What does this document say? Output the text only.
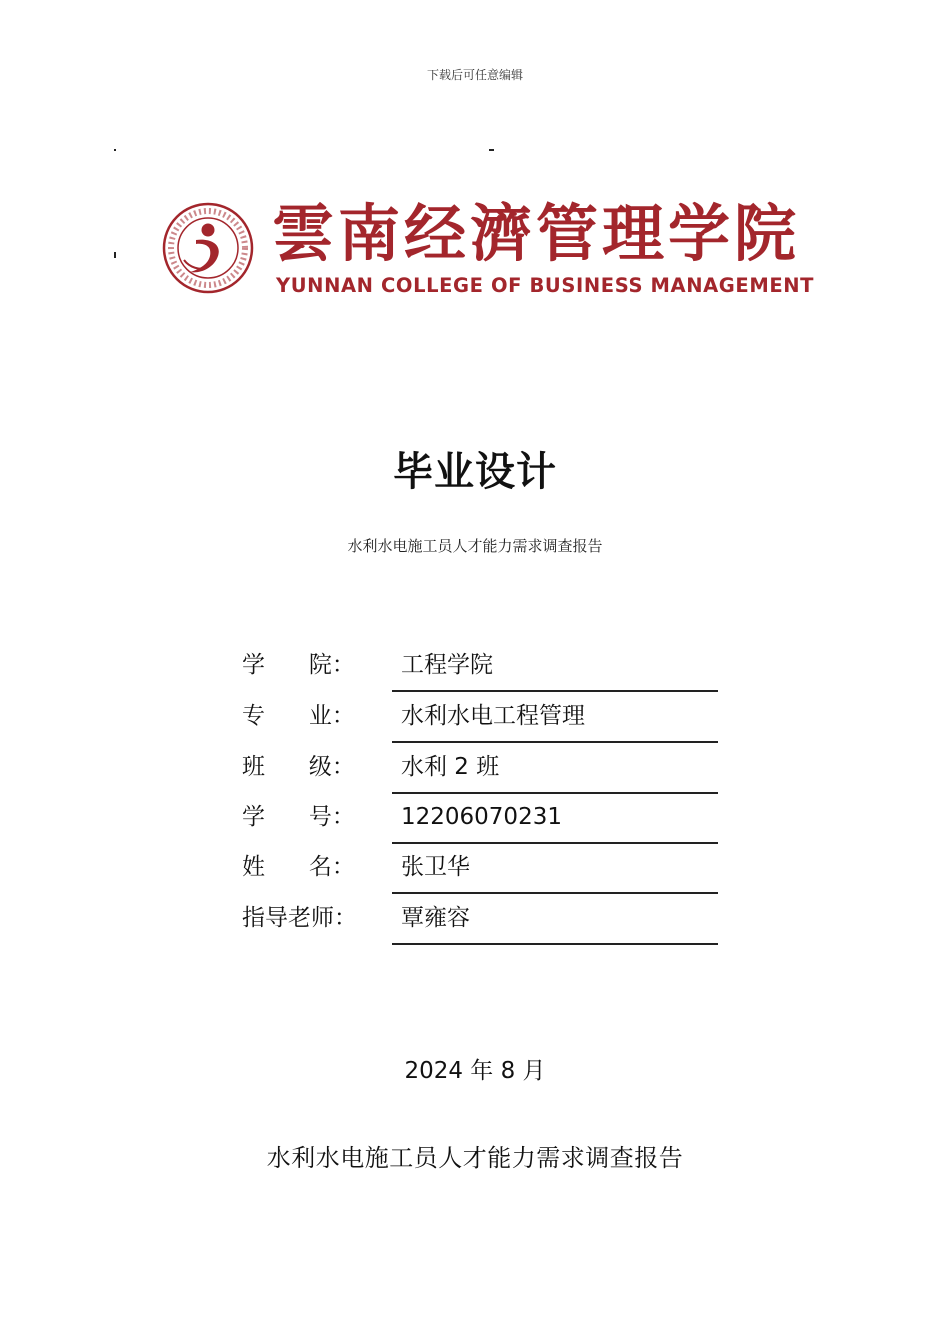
下载后可任意编辑
雲南经濟管理学院
YUNNAN COLLEGE OF BUSINESS MANAGEMENT
毕业设计
水利水电施工员人才能力需求调查报告
学      院：	工程学院
专      业：	水利水电工程管理
班      级：	水利 2 班
学      号：	12206070231
姓      名：	张卫华
指导老师：	覃雍容
2024 年 8 月
水利水电施工员人才能力需求调查报告
